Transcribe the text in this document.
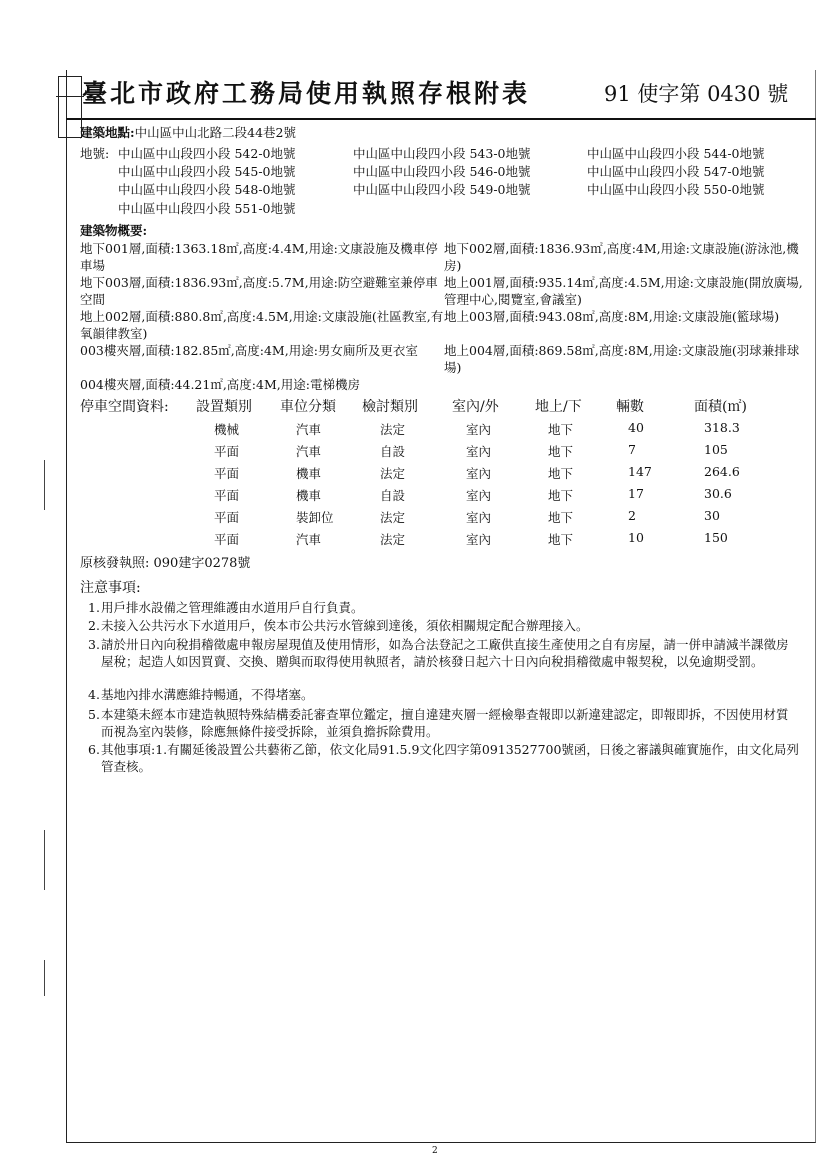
臺北市政府工務局使用執照存根附表	91 使字第 0430 號
建築地點:中山區中山北路二段44巷2號
地號: 中山區中山段四小段 542-0地號	中山區中山段四小段 543-0地號	中山區中山段四小段 544-0地號
中山區中山段四小段 545-0地號	中山區中山段四小段 546-0地號	中山區中山段四小段 547-0地號
中山區中山段四小段 548-0地號	中山區中山段四小段 549-0地號	中山區中山段四小段 550-0地號
中山區中山段四小段 551-0地號
建築物概要:
地下001層,面積:1363.18㎡,高度:4.4M,用途:文康設施及機車停車場
地下002層,面積:1836.93㎡,高度:4M,用途:文康設施(游泳池,機房)
地下003層,面積:1836.93㎡,高度:5.7M,用途:防空避難室兼停車空間
地上001層,面積:935.14㎡,高度:4.5M,用途:文康設施(開放廣場,管理中心,閱覽室,會議室)
地上002層,面積:880.8㎡,高度:4.5M,用途:文康設施(社區教室,有氧韻律教室)
地上003層,面積:943.08㎡,高度:8M,用途:文康設施(籃球場)
003樓夾層,面積:182.85㎡,高度:4M,用途:男女廁所及更衣室	地上004層,面積:869.58㎡,高度:8M,用途:文康設施(羽球兼排球場)
004樓夾層,面積:44.21㎡,高度:4M,用途:電梯機房
停車空間資料: 設置類別 車位分類 檢討類別 室內/外	地上/下 輛數	面積(㎡)
機械	汽車	法定	室內	地下	40	318.3
平面	汽車	自設	室內	地下	7	105
平面	機車	法定	室內	地下	147	264.6
平面	機車	自設	室內	地下	17	30.6
平面	裝卸位	法定	室內	地下	2	30
平面	汽車	法定	室內	地下	10	150
原核發執照: 090建字0278號
注意事項:
1. 用戶排水設備之管理維護由水道用戶自行負責。
2. 未接入公共污水下水道用戶，俟本市公共污水管線到達後，須依相關規定配合辦理接入。
3. 請於卅日內向稅捐稽徵處申報房屋現值及使用情形，如為合法登記之工廠供直接生產使用之自有房屋，請一併申請減半課徵房屋稅；起造人如因買賣、交換、贈與而取得使用執照者，請於核發日起六十日內向稅捐稽徵處申報契稅，以免逾期受罰。
4. 基地內排水溝應維持暢通，不得堵塞。
5. 本建築未經本市建造執照特殊結構委託審查單位鑑定，擅自違建夾層一經檢舉查報即以新違建認定，即報即拆，不因使用材質而視為室內裝修，除應無條件接受拆除，並須負擔拆除費用。
6. 其他事項:1.有關延後設置公共藝術乙節，依文化局91.5.9文化四字第0913527700號函，日後之審議與確實施作，由文化局列管查核。
2
